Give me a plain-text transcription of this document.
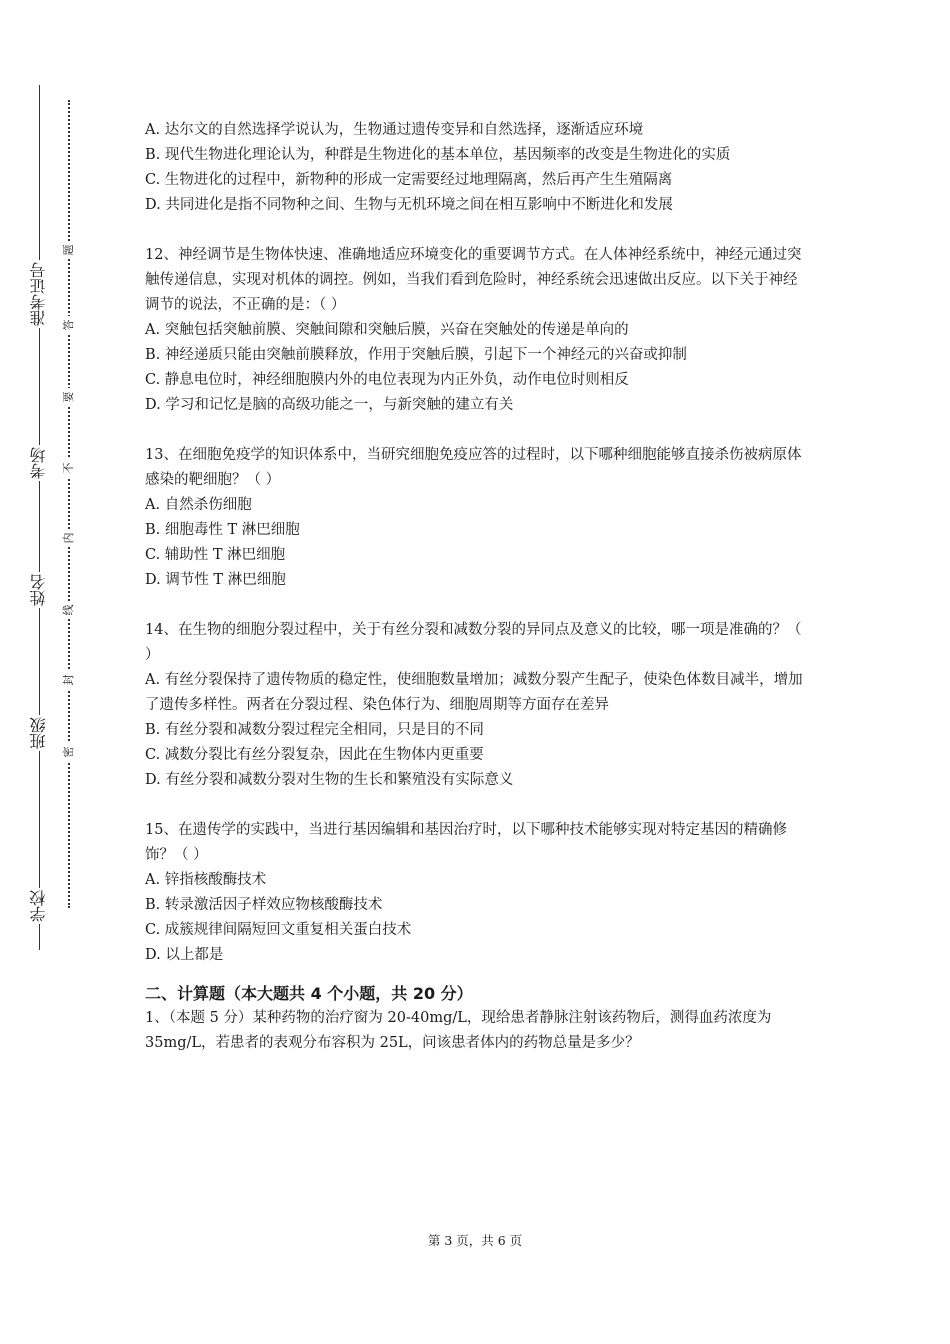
准考证号
考场
姓名
班级
学校
题
答
要
不
内
线
封
密

A. 达尔文的自然选择学说认为，生物通过遗传变异和自然选择，逐渐适应环境

B. 现代生物进化理论认为，种群是生物进化的基本单位，基因频率的改变是生物进化的实质

C. 生物进化的过程中，新物种的形成一定需要经过地理隔离，然后再产生生殖隔离

D. 共同进化是指不同物种之间、生物与无机环境之间在相互影响中不断进化和发展

12、神经调节是生物体快速、准确地适应环境变化的重要调节方式。在人体神经系统中，神经元通过突触传递信息，实现对机体的调控。例如，当我们看到危险时，神经系统会迅速做出反应。以下关于神经调节的说法，不正确的是：（ ）

A. 突触包括突触前膜、突触间隙和突触后膜，兴奋在突触处的传递是单向的

B. 神经递质只能由突触前膜释放，作用于突触后膜，引起下一个神经元的兴奋或抑制

C. 静息电位时，神经细胞膜内外的电位表现为内正外负，动作电位时则相反

D. 学习和记忆是脑的高级功能之一，与新突触的建立有关

13、在细胞免疫学的知识体系中，当研究细胞免疫应答的过程时，以下哪种细胞能够直接杀伤被病原体感染的靶细胞？（ ）

A. 自然杀伤细胞

B. 细胞毒性 T 淋巴细胞

C. 辅助性 T 淋巴细胞

D. 调节性 T 淋巴细胞

14、在生物的细胞分裂过程中，关于有丝分裂和减数分裂的异同点及意义的比较，哪一项是准确的？（ ）

A. 有丝分裂保持了遗传物质的稳定性，使细胞数量增加；减数分裂产生配子，使染色体数目减半，增加了遗传多样性。两者在分裂过程、染色体行为、细胞周期等方面存在差异

B. 有丝分裂和减数分裂过程完全相同，只是目的不同

C. 减数分裂比有丝分裂复杂，因此在生物体内更重要

D. 有丝分裂和减数分裂对生物的生长和繁殖没有实际意义

15、在遗传学的实践中，当进行基因编辑和基因治疗时，以下哪种技术能够实现对特定基因的精确修饰？（ ）

A. 锌指核酸酶技术

B. 转录激活因子样效应物核酸酶技术

C. 成簇规律间隔短回文重复相关蛋白技术

D. 以上都是

二、计算题（本大题共 4 个小题，共 20 分）

1、（本题 5 分）某种药物的治疗窗为 20-40mg/L，现给患者静脉注射该药物后，测得血药浓度为 35mg/L，若患者的表观分布容积为 25L，问该患者体内的药物总量是多少？

第 3 页，共 6 页
